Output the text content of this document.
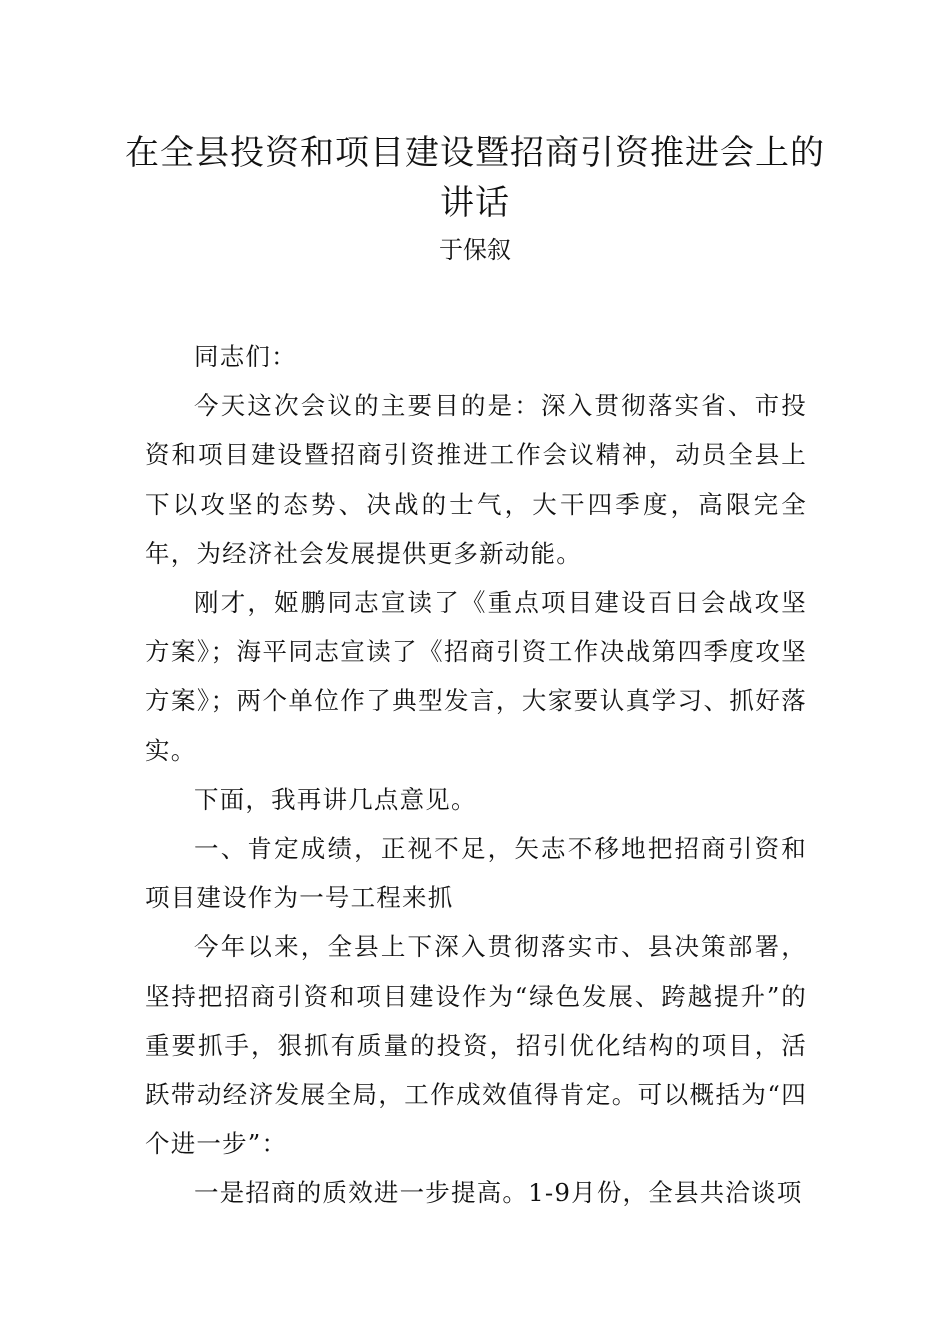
在全县投资和项目建设暨招商引资推进会上的讲话
于保叙

同志们：

今天这次会议的主要目的是：深入贯彻落实省、市投资和项目建设暨招商引资推进工作会议精神，动员全县上下以攻坚的态势、决战的士气，大干四季度，高限完全年，为经济社会发展提供更多新动能。

刚才，姬鹏同志宣读了《重点项目建设百日会战攻坚方案》；海平同志宣读了《招商引资工作决战第四季度攻坚方案》；两个单位作了典型发言，大家要认真学习、抓好落实。

下面，我再讲几点意见。

一、肯定成绩，正视不足，矢志不移地把招商引资和项目建设作为一号工程来抓

今年以来，全县上下深入贯彻落实市、县决策部署，坚持把招商引资和项目建设作为“绿色发展、跨越提升”的重要抓手，狠抓有质量的投资，招引优化结构的项目，活跃带动经济发展全局，工作成效值得肯定。可以概括为“四个进一步”：

一是招商的质效进一步提高。1-9月份，全县共洽谈项
